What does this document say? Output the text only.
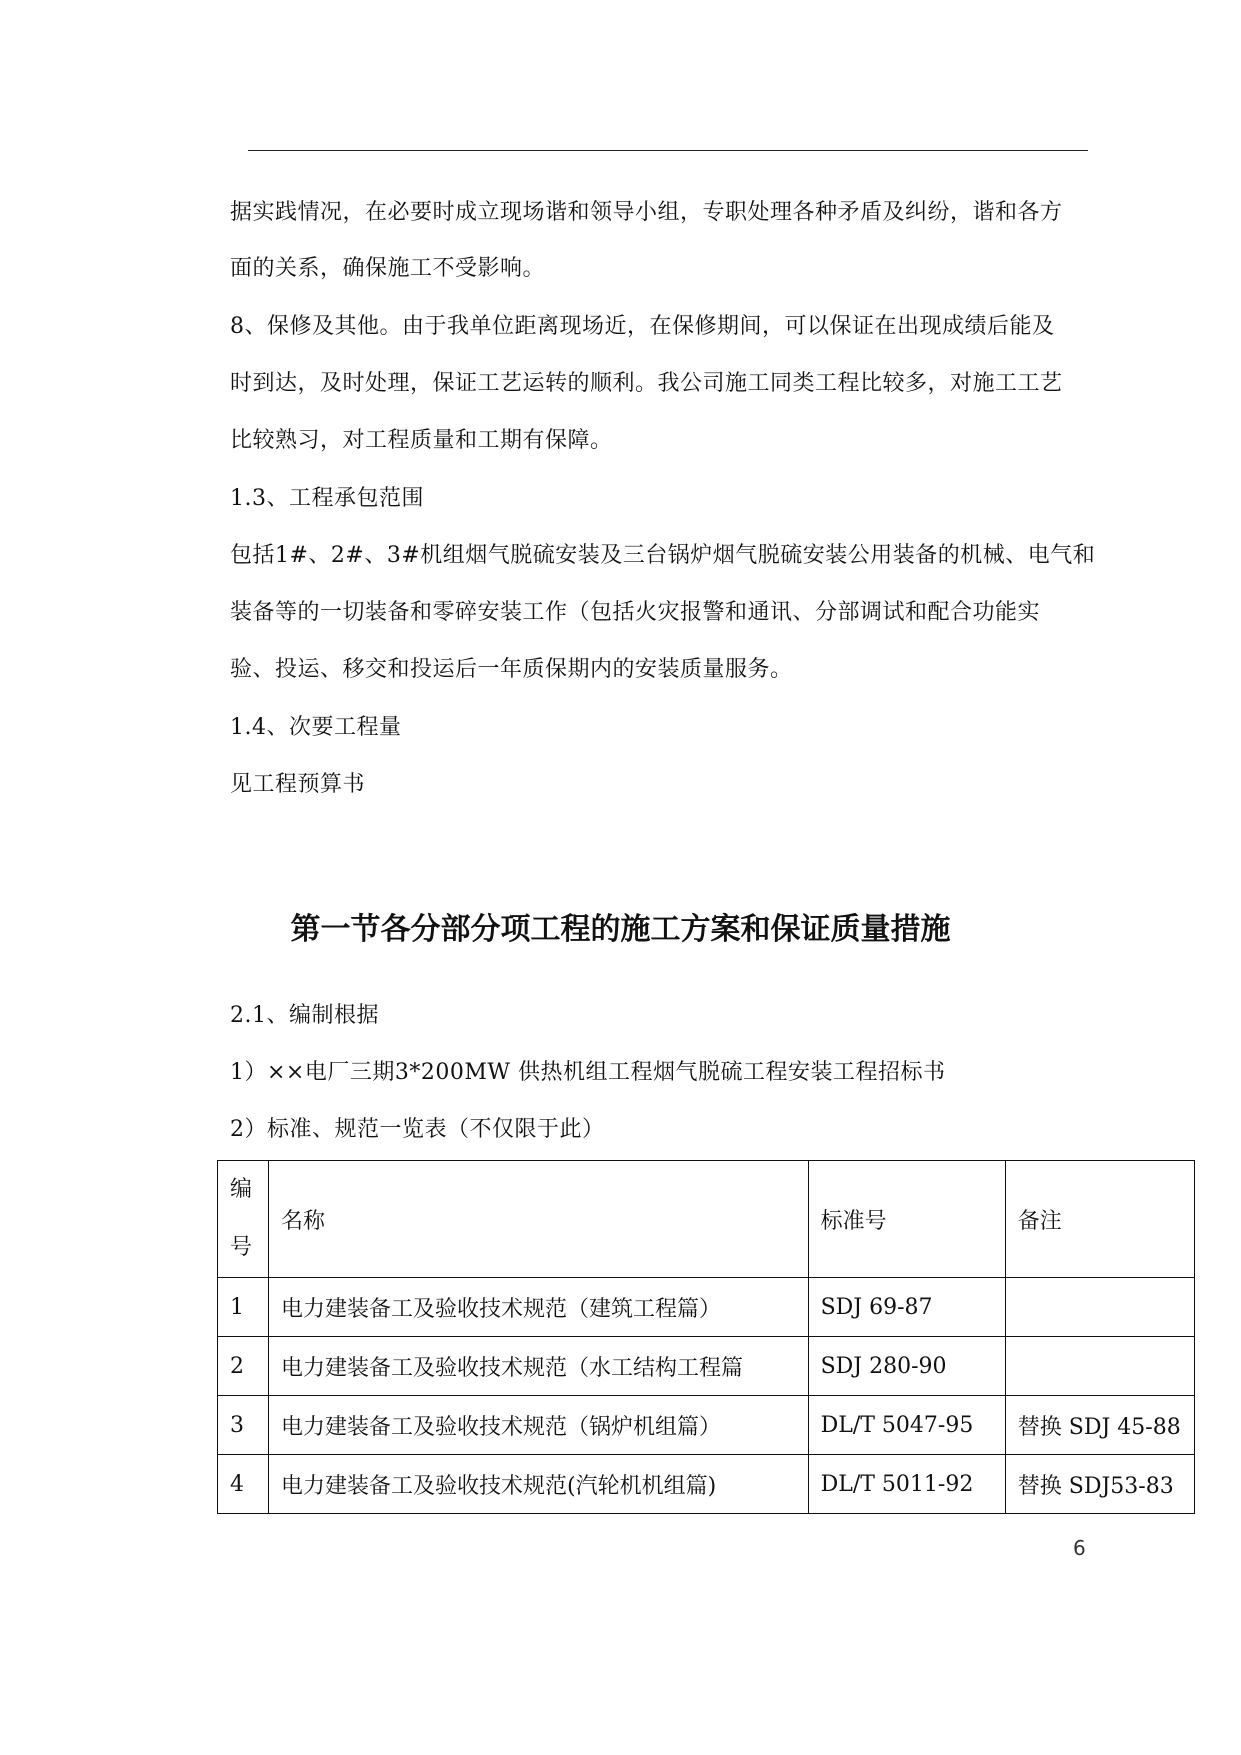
据实践情况，在必要时成立现场谐和领导小组，专职处理各种矛盾及纠纷，谐和各方
面的关系，确保施工不受影响。
8、保修及其他。由于我单位距离现场近，在保修期间，可以保证在出现成绩后能及
时到达，及时处理，保证工艺运转的顺利。我公司施工同类工程比较多，对施工工艺
比较熟习，对工程质量和工期有保障。
1.3、工程承包范围
包括1#、2#、3#机组烟气脱硫安装及三台锅炉烟气脱硫安装公用装备的机械、电气和
装备等的一切装备和零碎安装工作（包括火灾报警和通讯、分部调试和配合功能实
验、投运、移交和投运后一年质保期内的安装质量服务。
1.4、次要工程量
见工程预算书
第一节各分部分项工程的施工方案和保证质量措施
2.1、编制根据
1）××电厂三期3*200MW 供热机组工程烟气脱硫工程安装工程招标书
2）标准、规范一览表（不仅限于此）
编号	名称	标准号	备注
1	电力建装备工及验收技术规范（建筑工程篇）	SDJ 69-87	
2	电力建装备工及验收技术规范（水工结构工程篇	SDJ 280-90	
3	电力建装备工及验收技术规范（锅炉机组篇）	DL/T 5047-95	替换 SDJ 45-88
4	电力建装备工及验收技术规范(汽轮机机组篇)	DL/T 5011-92	替换 SDJ53-83
6
